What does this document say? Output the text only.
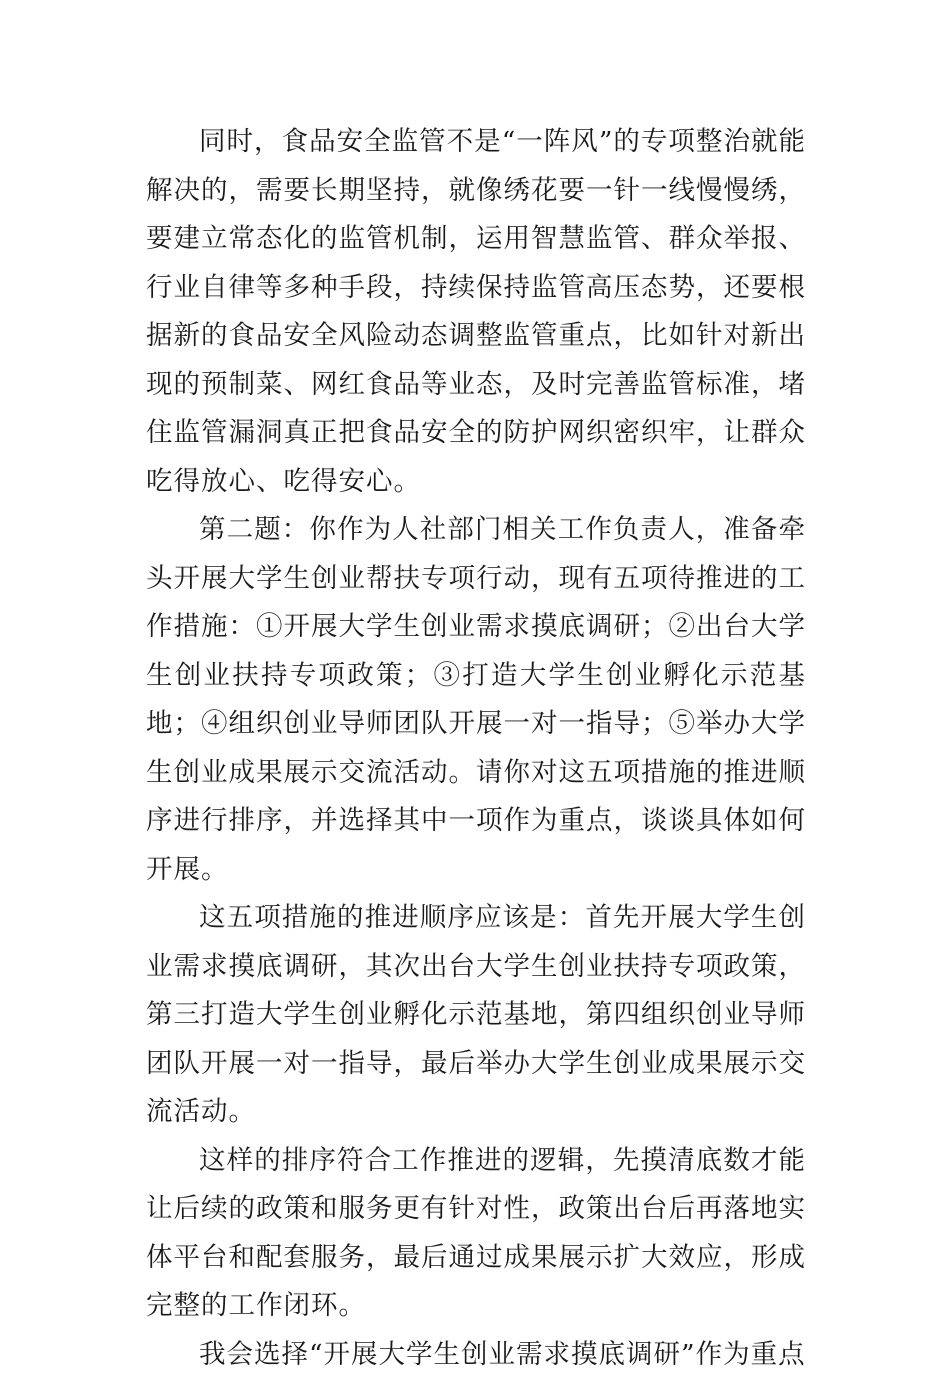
同时，食品安全监管不是“一阵风”的专项整治就能解决的，需要长期坚持，就像绣花要一针一线慢慢绣，要建立常态化的监管机制，运用智慧监管、群众举报、行业自律等多种手段，持续保持监管高压态势，还要根据新的食品安全风险动态调整监管重点，比如针对新出现的预制菜、网红食品等业态，及时完善监管标准，堵住监管漏洞真正把食品安全的防护网织密织牢，让群众吃得放心、吃得安心。

第二题：你作为人社部门相关工作负责人，准备牵头开展大学生创业帮扶专项行动，现有五项待推进的工作措施：①开展大学生创业需求摸底调研；②出台大学生创业扶持专项政策；③打造大学生创业孵化示范基地；④组织创业导师团队开展一对一指导；⑤举办大学生创业成果展示交流活动。请你对这五项措施的推进顺序进行排序，并选择其中一项作为重点，谈谈具体如何开展。

这五项措施的推进顺序应该是：首先开展大学生创业需求摸底调研，其次出台大学生创业扶持专项政策，第三打造大学生创业孵化示范基地，第四组织创业导师团队开展一对一指导，最后举办大学生创业成果展示交流活动。

这样的排序符合工作推进的逻辑，先摸清底数才能让后续的政策和服务更有针对性，政策出台后再落地实体平台和配套服务，最后通过成果展示扩大效应，形成完整的工作闭环。

我会选择“开展大学生创业需求摸底调研”作为重点
